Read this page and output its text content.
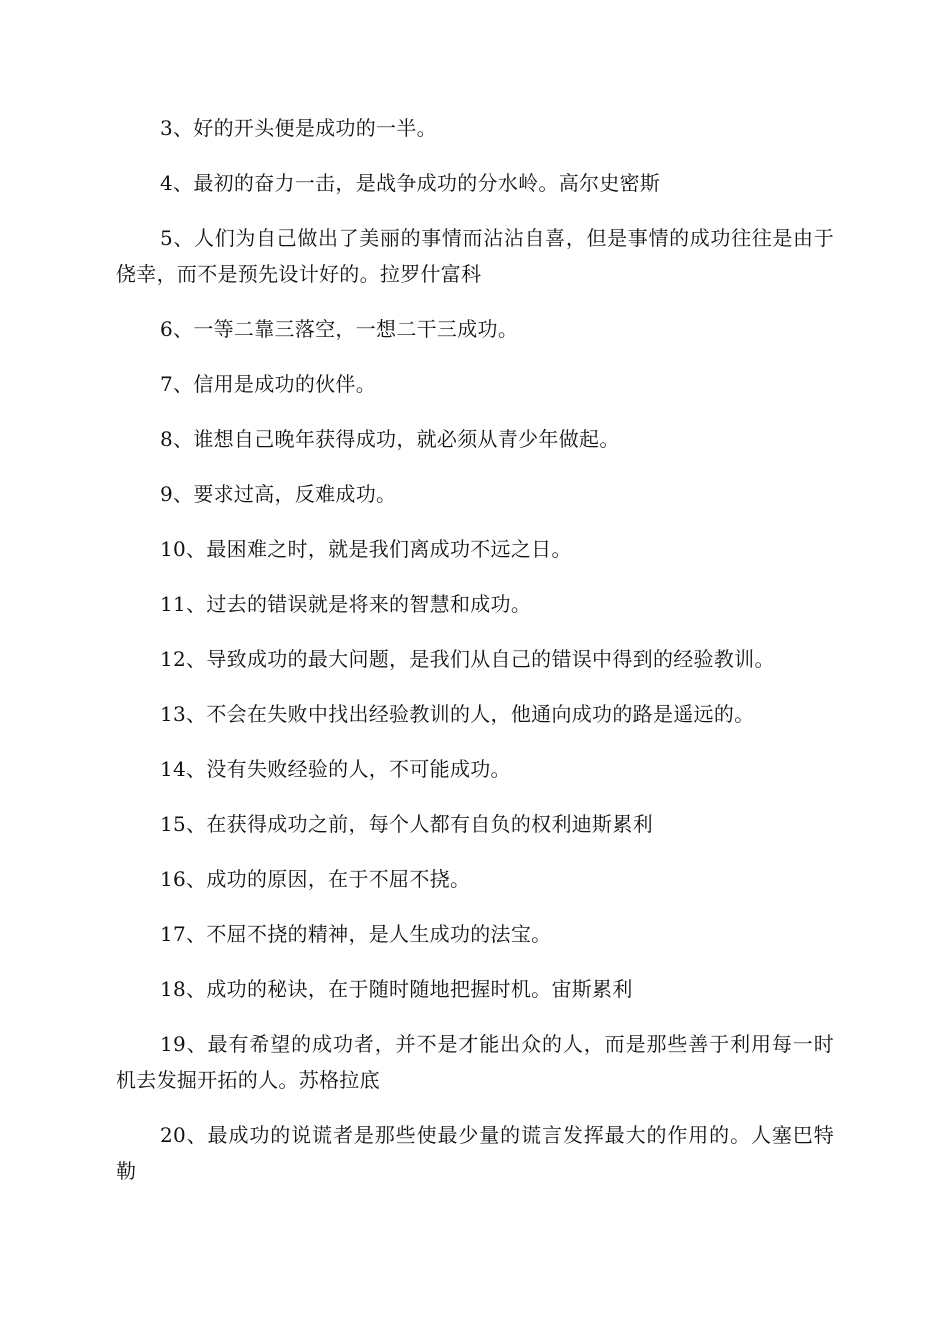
3、好的开头便是成功的一半。

4、最初的奋力一击，是战争成功的分水岭。高尔史密斯

5、人们为自己做出了美丽的事情而沾沾自喜，但是事情的成功往往是由于侥幸，而不是预先设计好的。拉罗什富科

6、一等二靠三落空，一想二干三成功。

7、信用是成功的伙伴。

8、谁想自己晚年获得成功，就必须从青少年做起。

9、要求过高，反难成功。

10、最困难之时，就是我们离成功不远之日。

11、过去的错误就是将来的智慧和成功。

12、导致成功的最大问题，是我们从自己的错误中得到的经验教训。

13、不会在失败中找出经验教训的人，他通向成功的路是遥远的。

14、没有失败经验的人，不可能成功。

15、在获得成功之前，每个人都有自负的权利迪斯累利

16、成功的原因，在于不屈不挠。

17、不屈不挠的精神，是人生成功的法宝。

18、成功的秘诀，在于随时随地把握时机。宙斯累利

19、最有希望的成功者，并不是才能出众的人，而是那些善于利用每一时机去发掘开拓的人。苏格拉底

20、最成功的说谎者是那些使最少量的谎言发挥最大的作用的。人塞巴特勒
